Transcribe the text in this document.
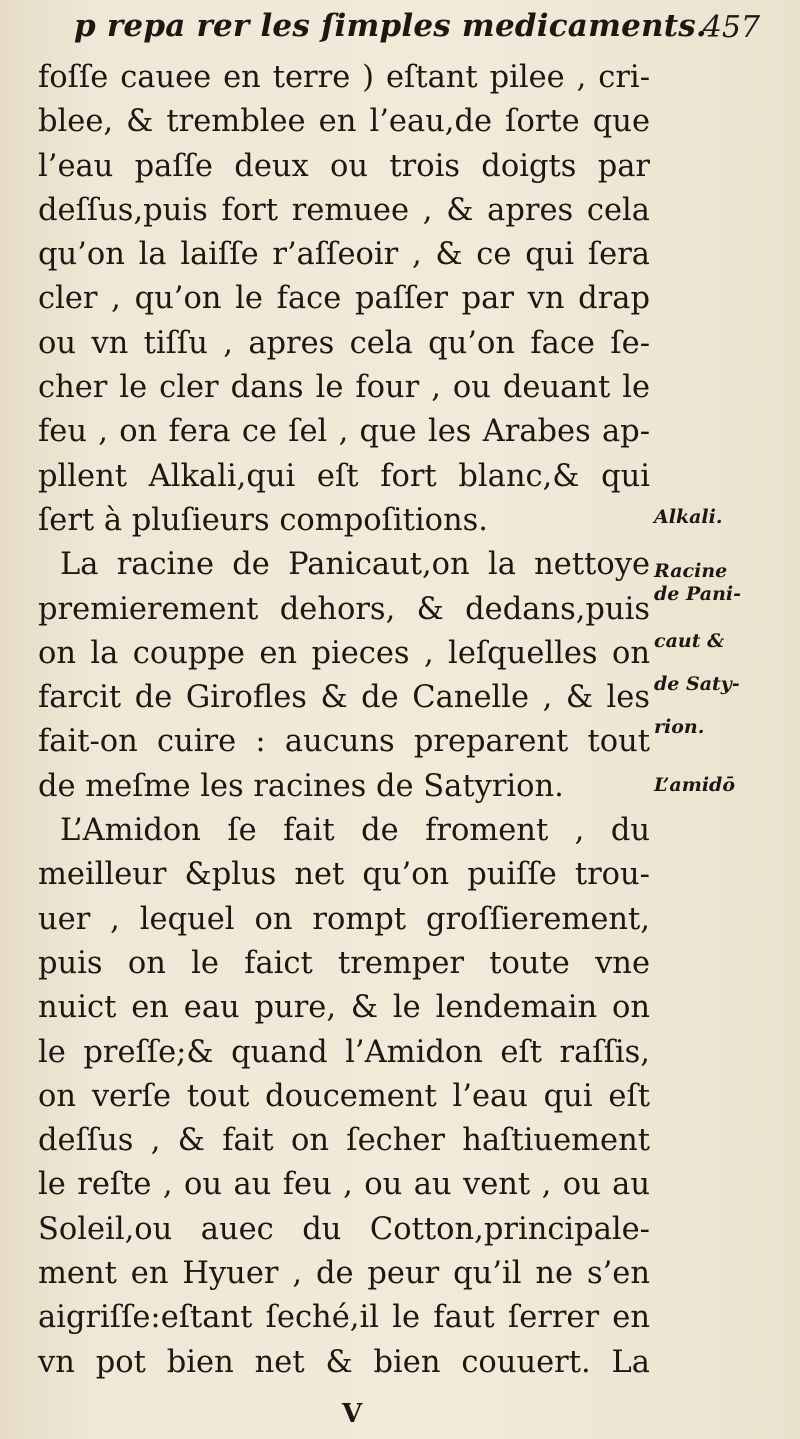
p repa rer les ſimples medicaments.
457
foſſe cauee en terre ) eſtant pilee , cri-
blee, & tremblee en l’eau,de ſorte que
l’eau paſſe deux ou trois doigts par
deſſus,puis fort remuee , & apres cela
qu’on la laiſſe r’aſſeoir , & ce qui ſera
cler , qu’on le face paſſer par vn drap
ou vn tiſſu , apres cela qu’on face ſe-
cher le cler dans le four , ou deuant le
feu , on fera ce ſel , que les Arabes ap-
pllent Alkali,qui eſt fort blanc,& qui
ſert à pluſieurs compoſitions.
La racine de Panicaut,on la nettoye
premierement dehors, & dedans,puis
on la couppe en pieces , leſquelles on
farcit de Girofles & de Canelle , & les
fait-on cuire : aucuns preparent tout
de meſme les racines de Satyrion.
L’Amidon ſe fait de froment , du
meilleur &plus net qu’on puiſſe trou-
uer , lequel on rompt groſſierement,
puis on le faict tremper toute vne
nuict en eau pure, & le lendemain on
le preſſe;& quand l’Amidon eſt raſſis,
on verſe tout doucement l’eau qui eſt
deſſus , & fait on ſecher haſtiuement
le reſte , ou au feu , ou au vent , ou au
Soleil,ou auec du Cotton,principale-
ment en Hyuer , de peur qu’il ne s’en
aigriſſe:eſtant ſeché,il le faut ſerrer en
vn pot bien net & bien couuert. La
Alkali.
Racine
de Pani-
caut &
de Saty-
rion.
L’amidō
V
